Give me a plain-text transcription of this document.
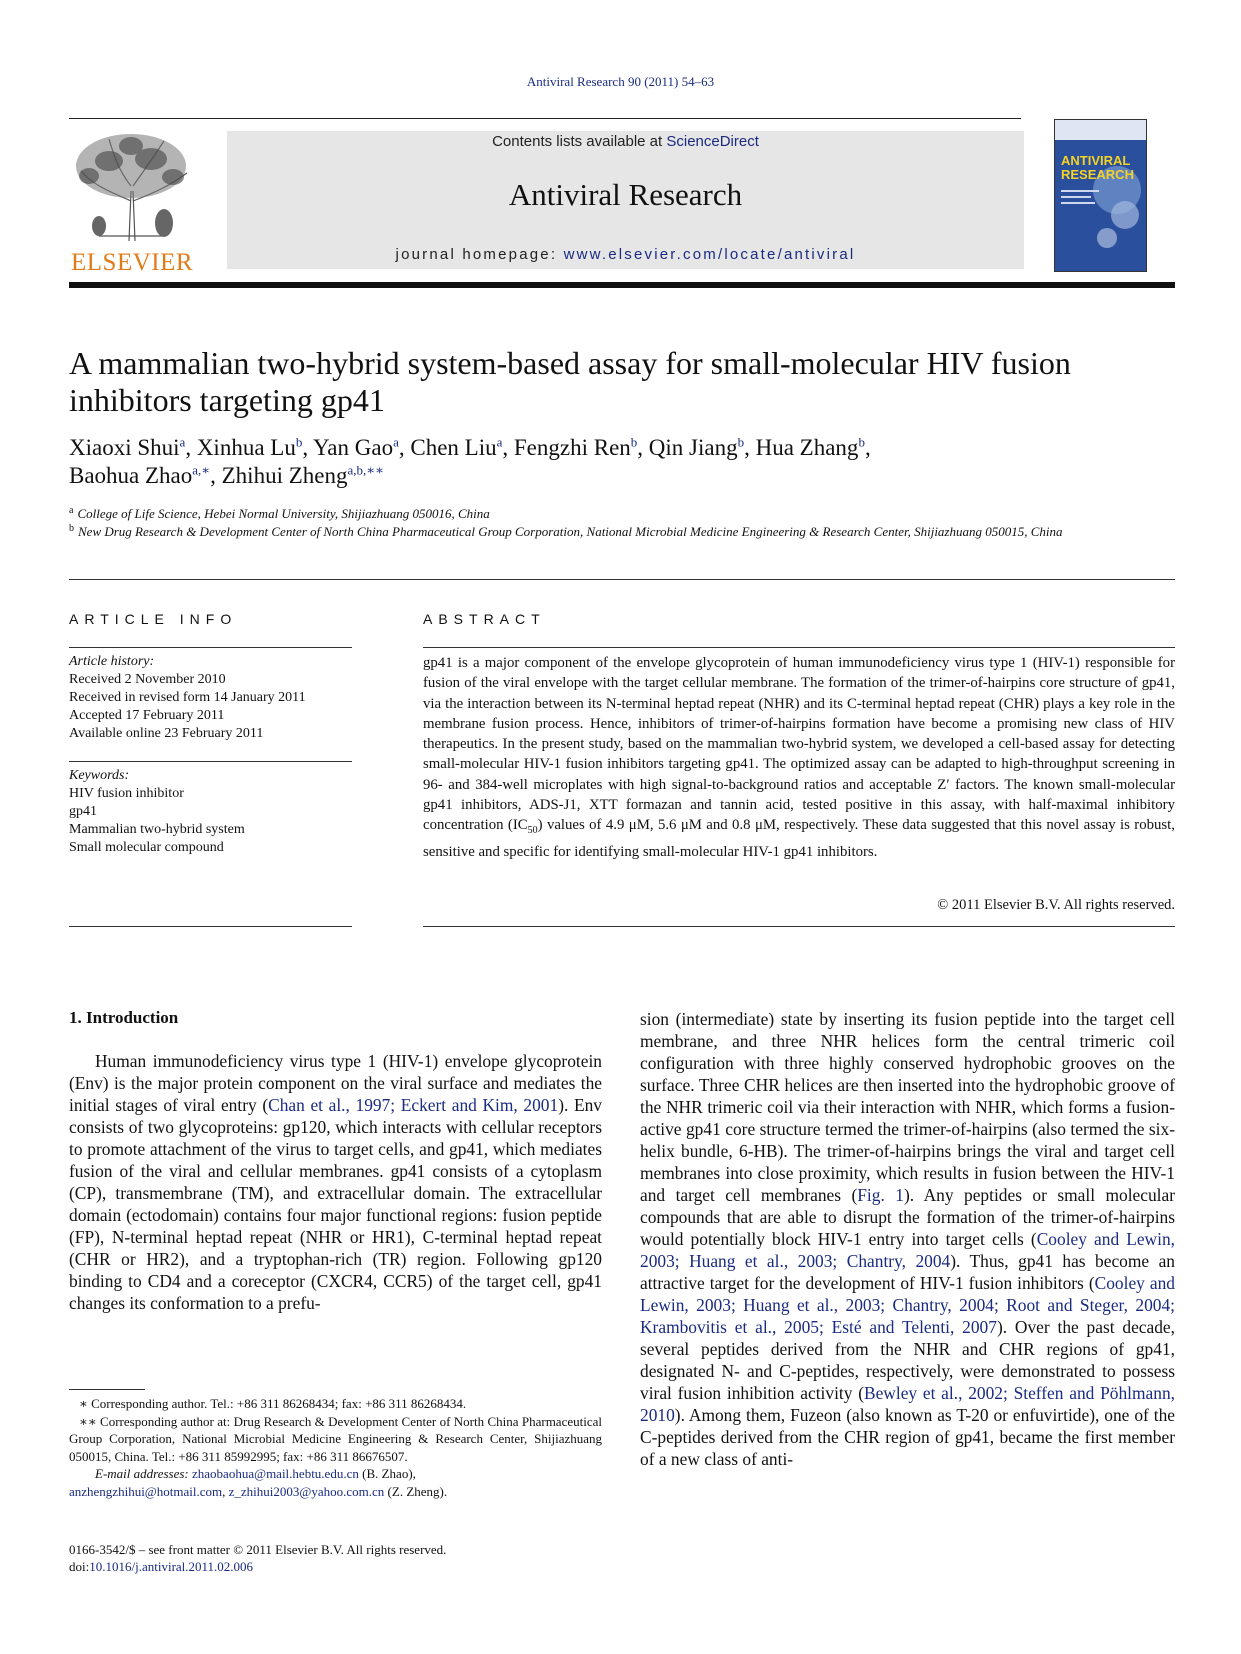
Antiviral Research 90 (2011) 54–63
ELSEVIER
Contents lists available at ScienceDirect
Antiviral Research
journal homepage: www.elsevier.com/locate/antiviral
ANTIVIRAL
RESEARCH
A mammalian two-hybrid system-based assay for small-molecular HIV fusion inhibitors targeting gp41
Xiaoxi Shui$^a$, Xinhua Lu$^b$, Yan Gao$^a$, Chen Liu$^a$, Fengzhi Ren$^b$, Qin Jiang$^b$, Hua Zhang$^b$,
Baohua Zhao$^{a,∗}$, Zhihui Zheng$^{a,b,∗∗}$
$^a$ College of Life Science, Hebei Normal University, Shijiazhuang 050016, China
$^b$ New Drug Research & Development Center of North China Pharmaceutical Group Corporation, National Microbial Medicine Engineering & Research Center, Shijiazhuang 050015, China
ARTICLE INFO	ABSTRACT
Article history:
Received 2 November 2010
Received in revised form 14 January 2011
Accepted 17 February 2011
Available online 23 February 2011
Keywords:
HIV fusion inhibitor
gp41
Mammalian two-hybrid system
Small molecular compound

gp41 is a major component of the envelope glycoprotein of human immunodeficiency virus type 1 (HIV-1) responsible for fusion of the viral envelope with the target cellular membrane. The formation of the trimer-of-hairpins core structure of gp41, via the interaction between its N-terminal heptad repeat (NHR) and its C-terminal heptad repeat (CHR) plays a key role in the membrane fusion process. Hence, inhibitors of trimer-of-hairpins formation have become a promising new class of HIV therapeutics. In the present study, based on the mammalian two-hybrid system, we developed a cell-based assay for detecting small-molecular HIV-1 fusion inhibitors targeting gp41. The optimized assay can be adapted to high-throughput screening in 96- and 384-well microplates with high signal-to-background ratios and acceptable Z′ factors. The known small-molecular gp41 inhibitors, ADS-J1, XTT formazan and tannin acid, tested positive in this assay, with half-maximal inhibitory concentration $(IC_{50})$ values of 4.9 μM, 5.6 μM and 0.8 μM, respectively. These data suggested that this novel assay is robust, sensitive and specific for identifying small-molecular HIV-1 gp41 inhibitors.

© 2011 Elsevier B.V. All rights reserved.
1. Introduction

Human immunodeficiency virus type 1 (HIV-1) envelope glycoprotein (Env) is the major protein component on the viral surface and mediates the initial stages of viral entry (Chan et al., 1997; Eckert and Kim, 2001). Env consists of two glycoproteins: gp120, which interacts with cellular receptors to promote attachment of the virus to target cells, and gp41, which mediates fusion of the viral and cellular membranes. gp41 consists of a cytoplasm (CP), transmembrane (TM), and extracellular domain. The extracellular domain (ectodomain) contains four major functional regions: fusion peptide (FP), N-terminal heptad repeat (NHR or HR1), C-terminal heptad repeat (CHR or HR2), and a tryptophan-rich (TR) region. Following gp120 binding to CD4 and a coreceptor (CXCR4, CCR5) of the target cell, gp41 changes its conformation to a prefu-

sion (intermediate) state by inserting its fusion peptide into the target cell membrane, and three NHR helices form the central trimeric coil configuration with three highly conserved hydrophobic grooves on the surface. Three CHR helices are then inserted into the hydrophobic groove of the NHR trimeric coil via their interaction with NHR, which forms a fusion-active gp41 core structure termed the trimer-of-hairpins (also termed the six-helix bundle, 6-HB). The trimer-of-hairpins brings the viral and target cell membranes into close proximity, which results in fusion between the HIV-1 and target cell membranes (Fig. 1). Any peptides or small molecular compounds that are able to disrupt the formation of the trimer-of-hairpins would potentially block HIV-1 entry into target cells (Cooley and Lewin, 2003; Huang et al., 2003; Chantry, 2004). Thus, gp41 has become an attractive target for the development of HIV-1 fusion inhibitors (Cooley and Lewin, 2003; Huang et al., 2003; Chantry, 2004; Root and Steger, 2004; Krambovitis et al., 2005; Esté and Telenti, 2007). Over the past decade, several peptides derived from the NHR and CHR regions of gp41, designated N- and C-peptides, respectively, were demonstrated to possess viral fusion inhibition activity (Bewley et al., 2002; Steffen and Pöhlmann, 2010). Among them, Fuzeon (also known as T-20 or enfuvirtide), one of the C-peptides derived from the CHR region of gp41, became the first member of a new class of anti-

∗ Corresponding author. Tel.: +86 311 86268434; fax: +86 311 86268434.

∗∗ Corresponding author at: Drug Research & Development Center of North China Pharmaceutical Group Corporation, National Microbial Medicine Engineering & Research Center, Shijiazhuang 050015, China. Tel.: +86 311 85992995; fax: +86 311 86676507.

E-mail addresses: zhaobaohua@mail.hebtu.edu.cn (B. Zhao),
anzhengzhihui@hotmail.com, z_zhihui2003@yahoo.com.cn (Z. Zheng).

0166-3542/$ – see front matter © 2011 Elsevier B.V. All rights reserved.
doi:10.1016/j.antiviral.2011.02.006
